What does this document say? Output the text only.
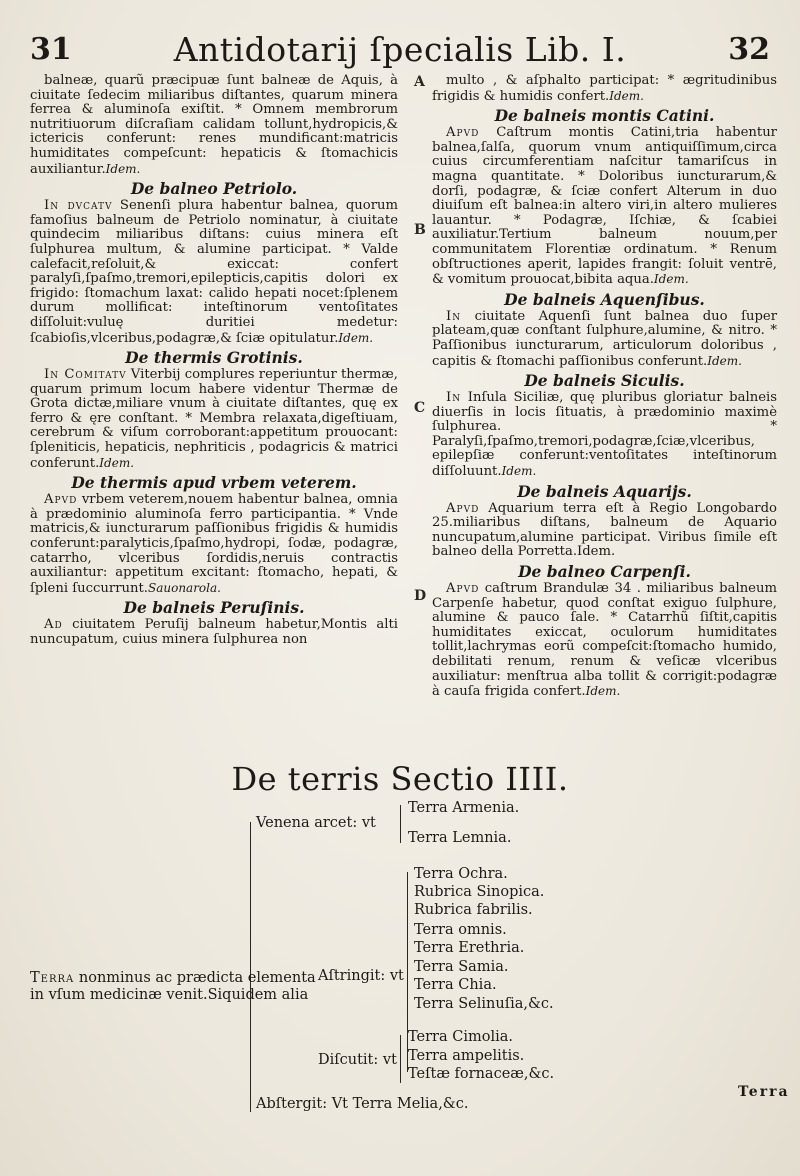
31	Antidotarij ſpecialis Lib. I.	32

balneæ, quarũ præcipuæ ſunt balneæ de Aquis, à ciuitate ſedecim miliaribus diſtantes, quarum minera ferrea & aluminoſa exiſtit. * Omnem membrorum nutritiuorum diſcraſiam calidam tollunt,hydropicis,& ictericis conferunt: renes mundificant:matricis humiditates compeſcunt: hepaticis & ſtomachicis auxiliantur.Idem.

De balneo Petriolo.

In dvcatv Senenſi plura habentur balnea, quorum famoſius balneum de Petriolo nominatur, à ciuitate quindecim miliaribus diſtans: cuius minera eſt ſulphurea multum, & alumine participat. * Valde calefacit,reſoluit,& exiccat: confert paralyſi,ſpaſmo,tremori,epilepticis,capitis dolori ex frigido: ſtomachum laxat: calido hepati nocet:ſplenem durum mollificat: inteſtinorum ventoſitates diſſoluit:vuluę duritiei medetur: ſcabioſis,vlceribus,podagræ,& ſciæ opitulatur.Idem.

De thermis Grotinis.

In Comitatv Viterbij complures reperiuntur thermæ, quarum primum locum habere videntur Thermæ de Grota dictæ,miliare vnum à ciuitate diſtantes, quę ex ferro & ęre conſtant. * Membra relaxata,digeſtiuam, cerebrum & viſum corroborant:appetitum prouocant: ſpleniticis, hepaticis, nephriticis , podagricis & matrici conferunt.Idem.

De thermis apud vrbem veterem.

Apvd vrbem veterem,nouem habentur balnea, omnia à prædominio aluminoſa ferro participantia. * Vnde matricis,& iuncturarum paſſionibus frigidis & humidis conferunt:paralyticis,ſpaſmo,hydropi, ſodæ, podagræ, catarrho, vlceribus ſordidis,neruis contractis auxiliantur: appetitum excitant: ſtomacho, hepati, & ſpleni ſuccurrunt.Sauonarola.

De balneis Peruſinis.

Ad ciuitatem Peruſij balneum habetur,Montis alti nuncupatum, cuius minera ſulphurea non

multo , & aſphalto participat: * ægritudinibus frigidis & humidis confert.Idem.

De balneis montis Catini.

Apvd Caſtrum montis Catini,tria habentur balnea,ſalſa, quorum vnum antiquiſſimum,circa cuius circumferentiam naſcitur tamariſcus in magna quantitate. * Doloribus iuncturarum,& dorſi, podagræ, & ſciæ confert Alterum in duo diuiſum eſt balnea:in altero viri,in altero mulieres lauantur. * Podagræ, Iſchiæ, & ſcabiei auxiliatur.Tertium balneum nouum,per communitatem Florentiæ ordinatum. * Renum obſtructiones aperit, lapides frangit: ſoluit ventrē, & vomitum prouocat,bibita aqua.Idem.

De balneis Aquenſibus.

In ciuitate Aquenſi ſunt balnea duo ſuper plateam,quæ conſtant ſulphure,alumine, & nitro. * Paſſionibus iuncturarum, articulorum doloribus , capitis & ſtomachi paſſionibus conferunt.Idem.

De balneis Siculis.

In Inſula Siciliæ, quę pluribus gloriatur balneis diuerſis in locis ſituatis, à prædominio maximè ſulphurea. * Paralyſi,ſpaſmo,tremori,podagræ,ſciæ,vlceribus, epilepſiæ conferunt:ventoſitates inteſtinorum diſſoluunt.Idem.

De balneis Aquarijs.

Apvd Aquarium terra eſt à Regio Longobardo 25.miliaribus diſtans, balneum de Aquario nuncupatum,alumine participat. Viribus ſimile eſt balneo della Porretta.Idem.

De balneo Carpenſi.

Apvd caſtrum Brandulæ 34 . miliaribus balneum Carpenſe habetur, quod conſtat exiguo ſulphure, alumine & pauco ſale. * Catarrhũ ſiſtit,capitis humiditates exiccat, oculorum humiditates tollit,lachrymas eorũ compeſcit:ſtomacho humido, debilitati renum, renum & veſicæ vlceribus auxiliatur: menſtrua alba tollit & corrigit:podagræ à cauſa frigida confert.Idem.

A
B
C
D
De terris Sectio IIII.
Venena arcet: vt
Terra Armenia.
Terra Lemnia.
Aſtringit: vt
Terra Ochra.
Rubrica Sinopica.
Rubrica fabrilis.
Terra omnis.
Terra Erethria.
Terra Samia.
Terra Chia.
Terra Selinuſia,&c.
Diſcutit: vt
Terra Cimolia.
Terra ampelitis.
Teſtæ fornaceæ,&c.
Abſtergit: Vt Terra Melia,&c.
Terra nonminus ac prædicta elementa in vſum medicinæ venit.Siquidem alia
Terra
